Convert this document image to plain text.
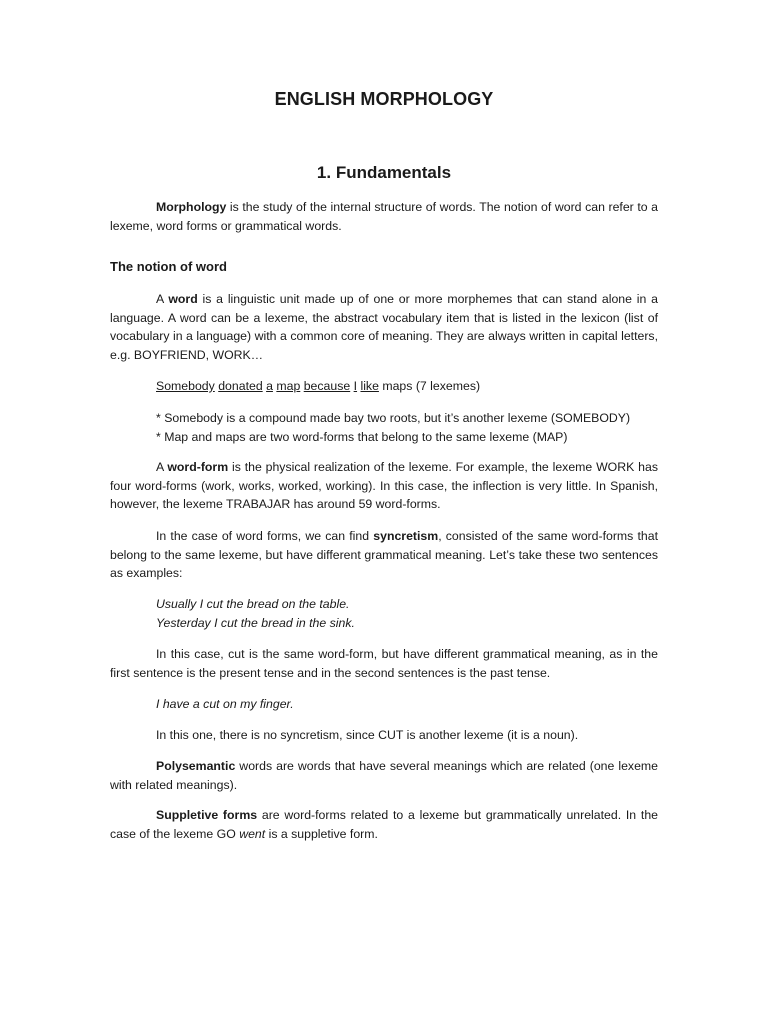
ENGLISH MORPHOLOGY
1. Fundamentals

Morphology is the study of the internal structure of words. The notion of word can refer to a lexeme, word forms or grammatical words.

The notion of word

A word is a linguistic unit made up of one or more morphemes that can stand alone in a language. A word can be a lexeme, the abstract vocabulary item that is listed in the lexicon (list of vocabulary in a language) with a common core of meaning. They are always written in capital letters, e.g. BOYFRIEND, WORK…

Somebody donated a map because I like maps (7 lexemes)

* Somebody is a compound made bay two roots, but it’s another lexeme (SOMEBODY)
* Map and maps are two word-forms that belong to the same lexeme (MAP)

A word-form is the physical realization of the lexeme. For example, the lexeme WORK has four word-forms (work, works, worked, working). In this case, the inflection is very little. In Spanish, however, the lexeme TRABAJAR has around 59 word-forms.

In the case of word forms, we can find syncretism, consisted of the same word-forms that belong to the same lexeme, but have different grammatical meaning. Let’s take these two sentences as examples:

Usually I cut the bread on the table.
Yesterday I cut the bread in the sink.

In this case, cut is the same word-form, but have different grammatical meaning, as in the first sentence is the present tense and in the second sentences is the past tense.

I have a cut on my finger.

In this one, there is no syncretism, since CUT is another lexeme (it is a noun).

Polysemantic words are words that have several meanings which are related (one lexeme with related meanings).

Suppletive forms are word-forms related to a lexeme but grammatically unrelated. In the case of the lexeme GO went is a suppletive form.
